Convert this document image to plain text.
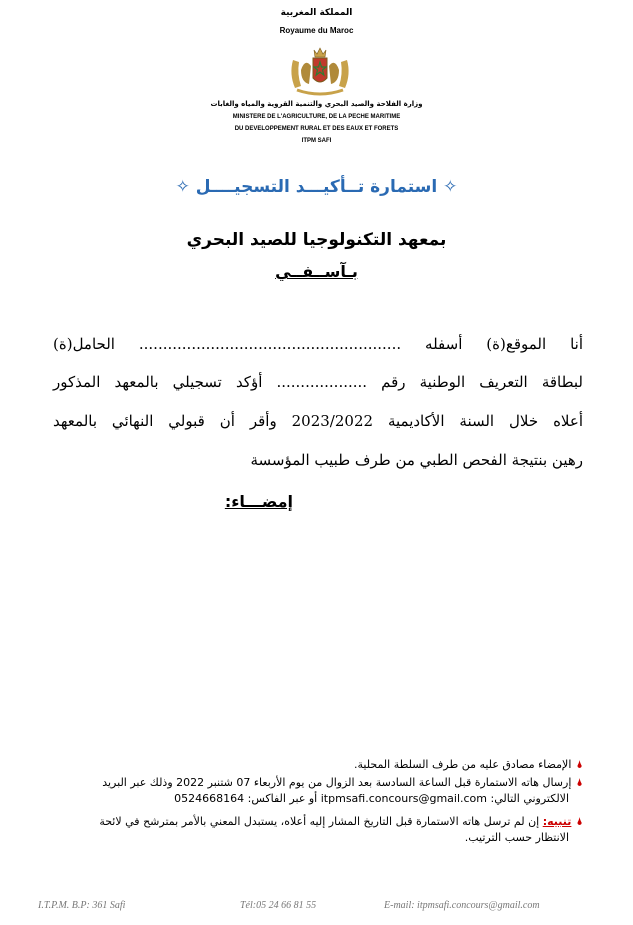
المملكة المغربية
Royaume du Maroc
وزارة الفلاحة والصيد البحري والتنمية القروية والمياه والغابات
MINISTERE DE L'AGRICULTURE, DE LA PECHE MARITIME
DU DEVELOPPEMENT RURAL ET DES EAUX ET FORETS
ITPM SAFI
✧ استمارة تــأكيـــد التسجيــــل ✧
بمعهد التكنولوجيا للصيد البحري
بـآســفــي
أنا الموقع(ة) أسفله ....................................................... الحامل(ة)
لبطاقة التعريف الوطنية رقم ................... أؤكد تسجيلي بالمعهد المذكور
أعلاه خلال السنة الأكاديمية 2023/2022 وأقر أن قبولي النهائي بالمعهد
رهين بنتيجة الفحص الطبي من طرف طبيب المؤسسة
إمضـــاء:
🌢الإمضاء مصادق عليه من طرف السلطة المحلية.
🌢إرسال هاته الاستمارة قبل الساعة السادسة بعد الزوال من يوم الأربعاء 07 شتنبر 2022 وذلك عبر البريد
الالكتروني التالي: itpmsafi.concours@gmail.com أو عبر الفاكس: 0524668164
🌢تنبيه: إن لم ترسل هاته الاستمارة قبل التاريخ المشار إليه أعلاه، يستبدل المعني بالأمر بمترشح في لائحة
الانتظار حسب الترتيب.
I.T.P.M. B.P: 361 Safi	Tél:05 24 66 81 55	E-mail: itpmsafi.concours@gmail.com
